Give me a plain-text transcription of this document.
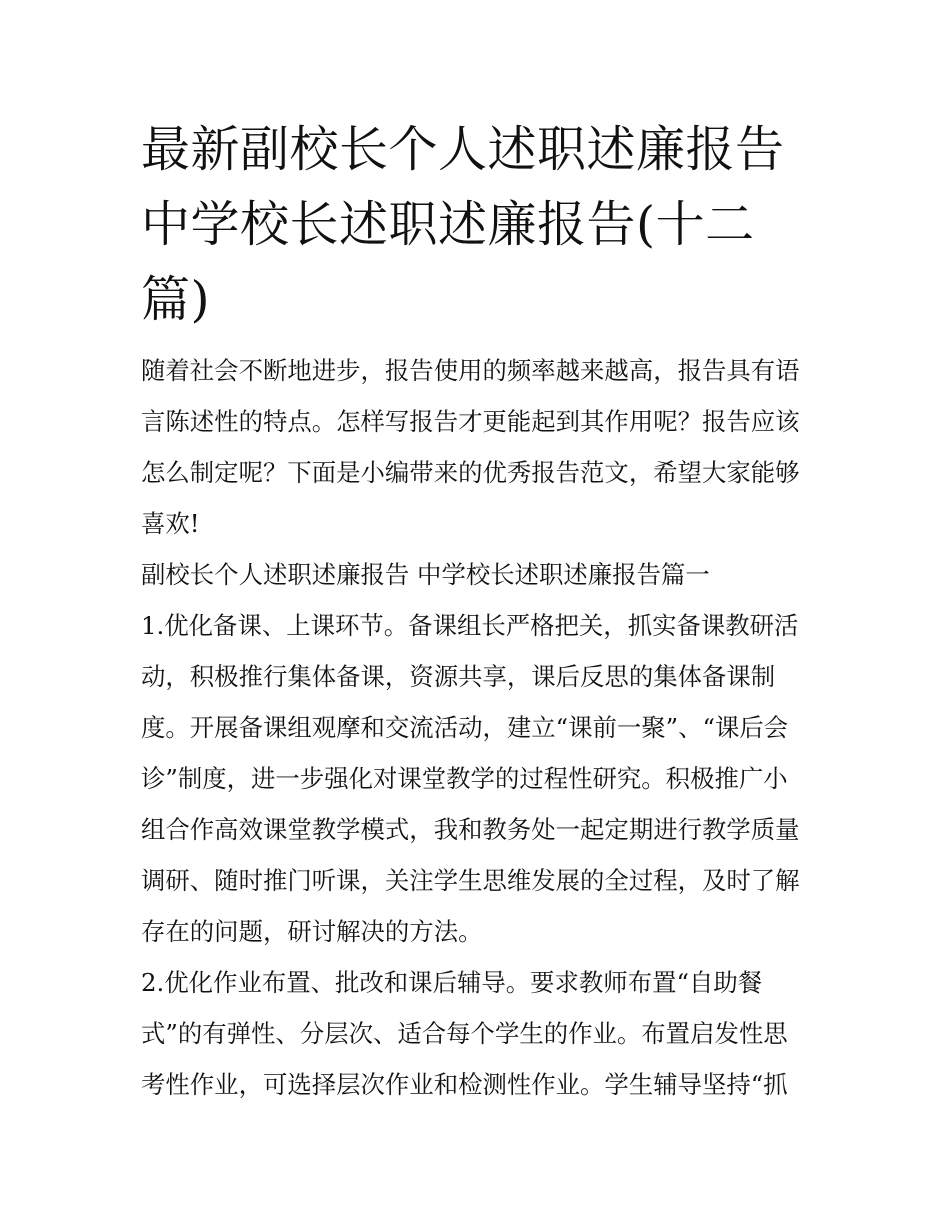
最新副校长个人述职述廉报告
中学校长述职述廉报告(十二
篇)

随着社会不断地进步，报告使用的频率越来越高，报告具有语
言陈述性的特点。怎样写报告才更能起到其作用呢？报告应该
怎么制定呢？下面是小编带来的优秀报告范文，希望大家能够
喜欢!

副校长个人述职述廉报告 中学校长述职述廉报告篇一

1.优化备课、上课环节。备课组长严格把关，抓实备课教研活
动，积极推行集体备课，资源共享，课后反思的集体备课制
度。开展备课组观摩和交流活动，建立“课前一聚”、“课后会
诊”制度，进一步强化对课堂教学的过程性研究。积极推广小
组合作高效课堂教学模式，我和教务处一起定期进行教学质量
调研、随时推门听课，关注学生思维发展的全过程，及时了解
存在的问题，研讨解决的方法。

2.优化作业布置、批改和课后辅导。要求教师布置“自助餐
式”的有弹性、分层次、适合每个学生的作业。布置启发性思
考性作业，可选择层次作业和检测性作业。学生辅导坚持“抓
